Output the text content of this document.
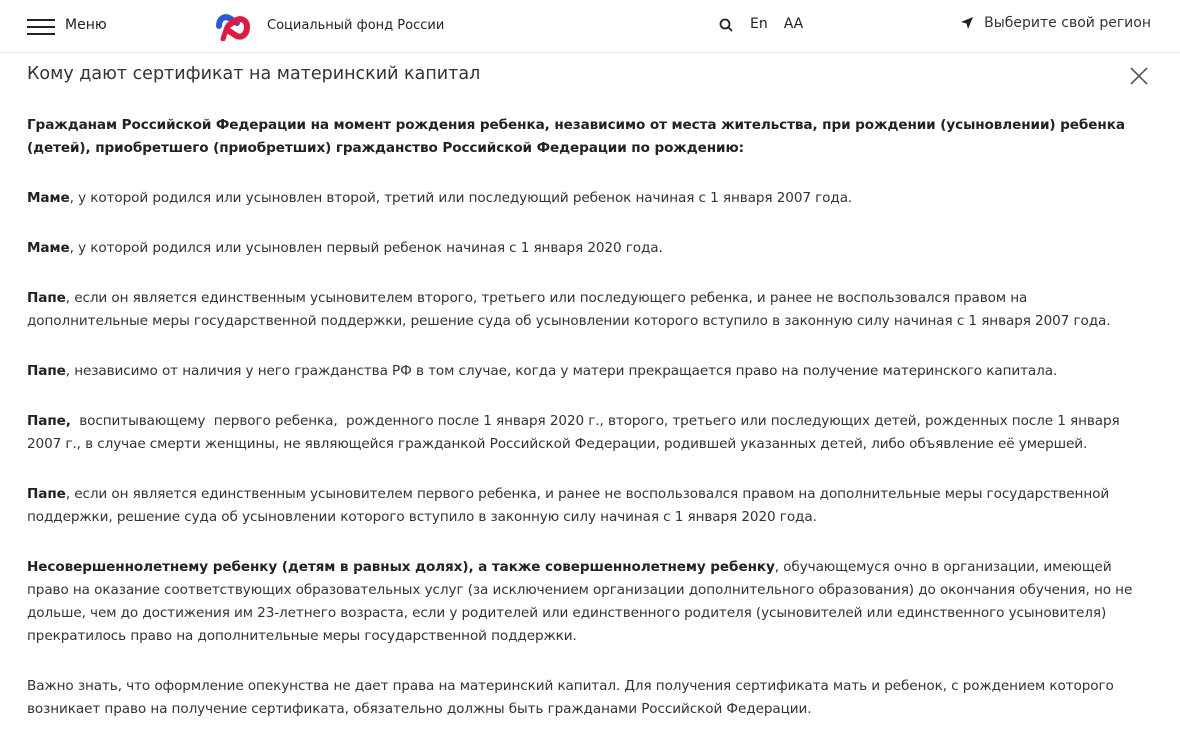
Меню	Социальный фонд России	En AA	Выберите свой регион
Кому дают сертификат на материнский капитал

Гражданам Российской Федерации на момент рождения ребенка, независимо от места жительства, при рождении (усыновлении) ребенка (детей), приобретшего (приобретших) гражданство Российской Федерации по рождению:

Маме, у которой родился или усыновлен второй, третий или последующий ребенок начиная с 1 января 2007 года.

Маме, у которой родился или усыновлен первый ребенок начиная с 1 января 2020 года.

Папе, если он является единственным усыновителем второго, третьего или последующего ребенка, и ранее не воспользовался правом на дополнительные меры государственной поддержки, решение суда об усыновлении которого вступило в законную силу начиная с 1 января 2007 года.

Папе, независимо от наличия у него гражданства РФ в том случае, когда у матери прекращается право на получение материнского капитала.

Папе,  воспитывающему  первого ребенка,  рожденного после 1 января 2020 г., второго, третьего или последующих детей, рожденных после 1 января 2007 г., в случае смерти женщины, не являющейся гражданкой Российской Федерации, родившей указанных детей, либо объявление её умершей.

Папе, если он является единственным усыновителем первого ребенка, и ранее не воспользовался правом на дополнительные меры государственной поддержки, решение суда об усыновлении которого вступило в законную силу начиная с 1 января 2020 года.

Несовершеннолетнему ребенку (детям в равных долях), а также совершеннолетнему ребенку, обучающемуся очно в организации, имеющей право на оказание соответствующих образовательных услуг (за исключением организации дополнительного образования) до окончания обучения, но не дольше, чем до достижения им 23-летнего возраста, если у родителей или единственного родителя (усыновителей или единственного усыновителя) прекратилось право на дополнительные меры государственной поддержки.

Важно знать, что оформление опекунства не дает права на материнский капитал. Для получения сертификата мать и ребенок, с рождением которого возникает право на получение сертификата, обязательно должны быть гражданами Российской Федерации.
